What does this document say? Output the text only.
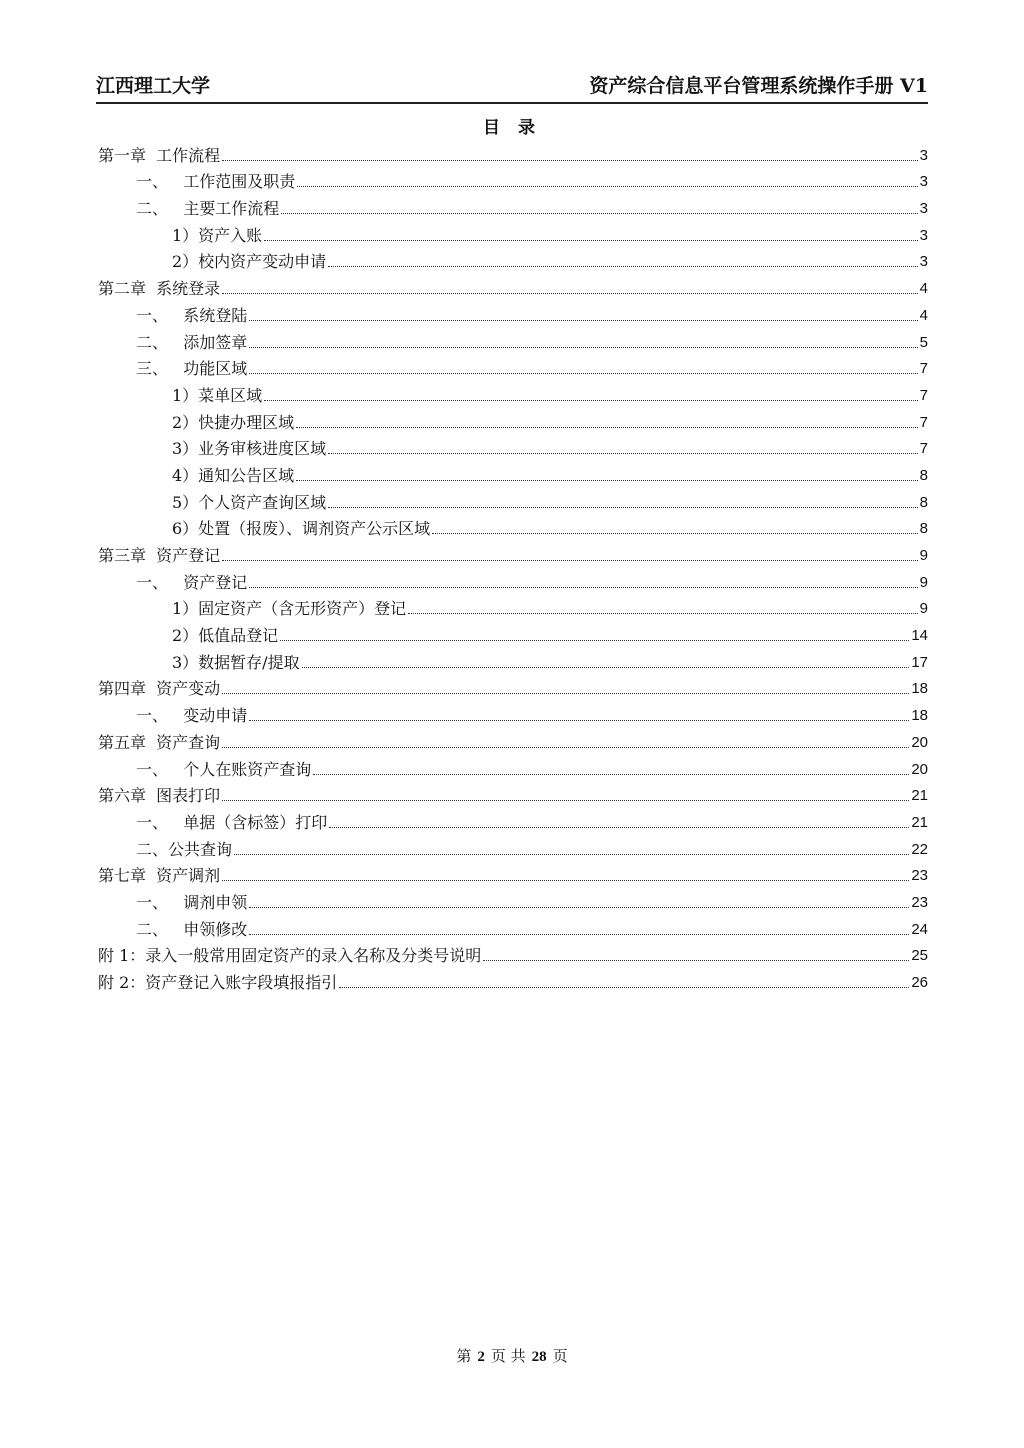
江西理工大学	资产综合信息平台管理系统操作手册 V1
目 录
第一章  工作流程	3
一、   工作范围及职责	3
二、   主要工作流程	3
1）资产入账	3
2）校内资产变动申请	3
第二章  系统登录	4
一、   系统登陆	4
二、   添加签章	5
三、   功能区域	7
1）菜单区域	7
2）快捷办理区域	7
3）业务审核进度区域	7
4）通知公告区域	8
5）个人资产查询区域	8
6）处置（报废）、调剂资产公示区域	8
第三章  资产登记	9
一、   资产登记	9
1）固定资产（含无形资产）登记	9
2）低值品登记	14
3）数据暂存/提取	17
第四章  资产变动	18
一、   变动申请	18
第五章  资产查询	20
一、   个人在账资产查询	20
第六章  图表打印	21
一、   单据（含标签）打印	21
二、公共查询	22
第七章  资产调剂	23
一、   调剂申领	23
二、   申领修改	24
附 1：录入一般常用固定资产的录入名称及分类号说明	25
附 2：资产登记入账字段填报指引	26
第 2 页 共 28 页
